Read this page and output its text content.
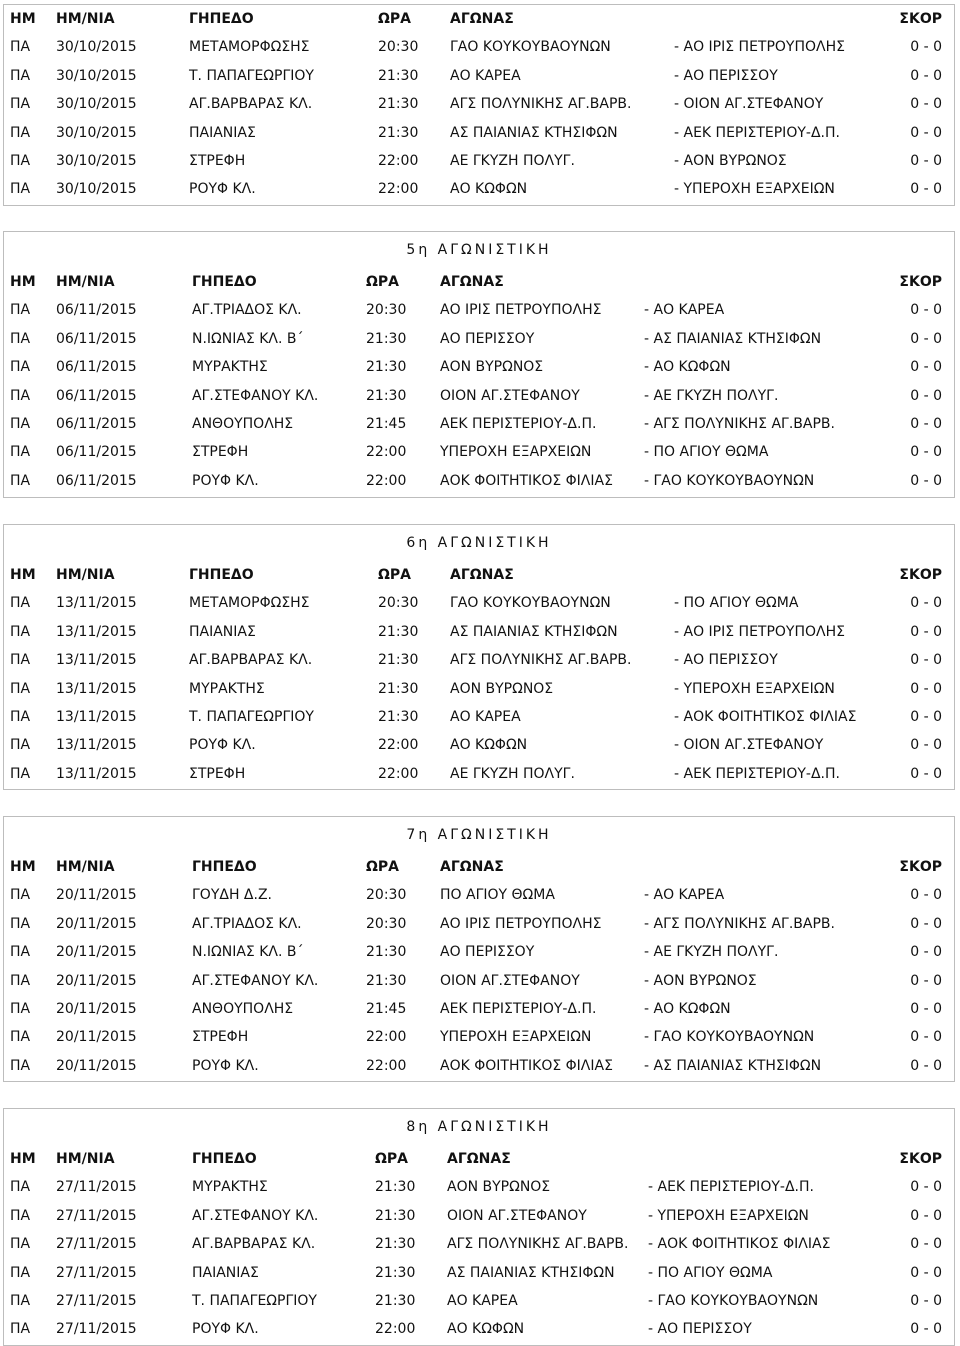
ΗΜ ΗΜ/ΝΙΑ	ΓΗΠΕΔΟ	ΩΡΑ	ΑΓΩΝΑΣ	ΣΚΟΡ
ΠΑ 30/10/2015	ΜΕΤΑΜΟΡΦΩΣΗΣ	20:30 ΓΑΟ ΚΟΥΚΟΥΒΑΟΥΝΩΝ	- ΑΟ ΙΡΙΣ ΠΕΤΡΟΥΠΟΛΗΣ	0 - 0
ΠΑ 30/10/2015	Τ. ΠΑΠΑΓΕΩΡΓΙΟΥ	21:30 ΑΟ ΚΑΡΕΑ	- ΑΟ ΠΕΡΙΣΣΟΥ	0 - 0
ΠΑ 30/10/2015	ΑΓ.ΒΑΡΒΑΡΑΣ ΚΛ.	21:30 ΑΓΣ ΠΟΛΥΝΙΚΗΣ ΑΓ.ΒΑΡΒ.	- ΟΙΟΝ ΑΓ.ΣΤΕΦΑΝΟΥ	0 - 0
ΠΑ 30/10/2015	ΠΑΙΑΝΙΑΣ	21:30 ΑΣ ΠΑΙΑΝΙΑΣ ΚΤΗΣΙΦΩΝ	- ΑΕΚ ΠΕΡΙΣΤΕΡΙΟΥ-Δ.Π.	0 - 0
ΠΑ 30/10/2015	ΣΤΡΕΦΗ	22:00 ΑΕ ΓΚΥΖΗ ΠΟΛΥΓ.	- ΑΟΝ ΒΥΡΩΝΟΣ	0 - 0
ΠΑ 30/10/2015	ΡΟΥΦ ΚΛ.	22:00 ΑΟ ΚΩΦΩΝ	- ΥΠΕΡΟΧΗ ΕΞΑΡΧΕΙΩΝ	0 - 0
5η ΑΓΩΝΙΣΤΙΚΗ
ΗΜ ΗΜ/ΝΙΑ	ΓΗΠΕΔΟ	ΩΡΑ	ΑΓΩΝΑΣ	ΣΚΟΡ
ΠΑ 06/11/2015	ΑΓ.ΤΡΙΑΔΟΣ ΚΛ.	20:30 ΑΟ ΙΡΙΣ ΠΕΤΡΟΥΠΟΛΗΣ	- ΑΟ ΚΑΡΕΑ	0 - 0
ΠΑ 06/11/2015	Ν.ΙΩΝΙΑΣ ΚΛ. Β΄	21:30 ΑΟ ΠΕΡΙΣΣΟΥ	- ΑΣ ΠΑΙΑΝΙΑΣ ΚΤΗΣΙΦΩΝ	0 - 0
ΠΑ 06/11/2015	ΜΥΡΑΚΤΗΣ	21:30 ΑΟΝ ΒΥΡΩΝΟΣ	- ΑΟ ΚΩΦΩΝ	0 - 0
ΠΑ 06/11/2015	ΑΓ.ΣΤΕΦΑΝΟΥ ΚΛ.	21:30 ΟΙΟΝ ΑΓ.ΣΤΕΦΑΝΟΥ	- ΑΕ ΓΚΥΖΗ ΠΟΛΥΓ.	0 - 0
ΠΑ 06/11/2015	ΑΝΘΟΥΠΟΛΗΣ	21:45 ΑΕΚ ΠΕΡΙΣΤΕΡΙΟΥ-Δ.Π.	- ΑΓΣ ΠΟΛΥΝΙΚΗΣ ΑΓ.ΒΑΡΒ.	0 - 0
ΠΑ 06/11/2015	ΣΤΡΕΦΗ	22:00 ΥΠΕΡΟΧΗ ΕΞΑΡΧΕΙΩΝ	- ΠΟ ΑΓΙΟΥ ΘΩΜΑ	0 - 0
ΠΑ 06/11/2015	ΡΟΥΦ ΚΛ.	22:00 ΑΟΚ ΦΟΙΤΗΤΙΚΟΣ ΦΙΛΙΑΣ - ΓΑΟ ΚΟΥΚΟΥΒΑΟΥΝΩΝ	0 - 0
6η ΑΓΩΝΙΣΤΙΚΗ
ΗΜ ΗΜ/ΝΙΑ	ΓΗΠΕΔΟ	ΩΡΑ	ΑΓΩΝΑΣ	ΣΚΟΡ
ΠΑ 13/11/2015	ΜΕΤΑΜΟΡΦΩΣΗΣ	20:30 ΓΑΟ ΚΟΥΚΟΥΒΑΟΥΝΩΝ	- ΠΟ ΑΓΙΟΥ ΘΩΜΑ	0 - 0
ΠΑ 13/11/2015	ΠΑΙΑΝΙΑΣ	21:30 ΑΣ ΠΑΙΑΝΙΑΣ ΚΤΗΣΙΦΩΝ	- ΑΟ ΙΡΙΣ ΠΕΤΡΟΥΠΟΛΗΣ	0 - 0
ΠΑ 13/11/2015	ΑΓ.ΒΑΡΒΑΡΑΣ ΚΛ.	21:30 ΑΓΣ ΠΟΛΥΝΙΚΗΣ ΑΓ.ΒΑΡΒ.	- ΑΟ ΠΕΡΙΣΣΟΥ	0 - 0
ΠΑ 13/11/2015	ΜΥΡΑΚΤΗΣ	21:30 ΑΟΝ ΒΥΡΩΝΟΣ	- ΥΠΕΡΟΧΗ ΕΞΑΡΧΕΙΩΝ	0 - 0
ΠΑ 13/11/2015	Τ. ΠΑΠΑΓΕΩΡΓΙΟΥ	21:30 ΑΟ ΚΑΡΕΑ	- ΑΟΚ ΦΟΙΤΗΤΙΚΟΣ ΦΙΛΙΑΣ	0 - 0
ΠΑ 13/11/2015	ΡΟΥΦ ΚΛ.	22:00 ΑΟ ΚΩΦΩΝ	- ΟΙΟΝ ΑΓ.ΣΤΕΦΑΝΟΥ	0 - 0
ΠΑ 13/11/2015	ΣΤΡΕΦΗ	22:00 ΑΕ ΓΚΥΖΗ ΠΟΛΥΓ.	- ΑΕΚ ΠΕΡΙΣΤΕΡΙΟΥ-Δ.Π.	0 - 0
7η ΑΓΩΝΙΣΤΙΚΗ
ΗΜ ΗΜ/ΝΙΑ	ΓΗΠΕΔΟ	ΩΡΑ	ΑΓΩΝΑΣ	ΣΚΟΡ
ΠΑ 20/11/2015	ΓΟΥΔΗ Δ.Ζ.	20:30 ΠΟ ΑΓΙΟΥ ΘΩΜΑ	- ΑΟ ΚΑΡΕΑ	0 - 0
ΠΑ 20/11/2015	ΑΓ.ΤΡΙΑΔΟΣ ΚΛ.	20:30 ΑΟ ΙΡΙΣ ΠΕΤΡΟΥΠΟΛΗΣ	- ΑΓΣ ΠΟΛΥΝΙΚΗΣ ΑΓ.ΒΑΡΒ.	0 - 0
ΠΑ 20/11/2015	Ν.ΙΩΝΙΑΣ ΚΛ. Β΄	21:30 ΑΟ ΠΕΡΙΣΣΟΥ	- ΑΕ ΓΚΥΖΗ ΠΟΛΥΓ.	0 - 0
ΠΑ 20/11/2015	ΑΓ.ΣΤΕΦΑΝΟΥ ΚΛ.	21:30 ΟΙΟΝ ΑΓ.ΣΤΕΦΑΝΟΥ	- ΑΟΝ ΒΥΡΩΝΟΣ	0 - 0
ΠΑ 20/11/2015	ΑΝΘΟΥΠΟΛΗΣ	21:45 ΑΕΚ ΠΕΡΙΣΤΕΡΙΟΥ-Δ.Π.	- ΑΟ ΚΩΦΩΝ	0 - 0
ΠΑ 20/11/2015	ΣΤΡΕΦΗ	22:00 ΥΠΕΡΟΧΗ ΕΞΑΡΧΕΙΩΝ	- ΓΑΟ ΚΟΥΚΟΥΒΑΟΥΝΩΝ	0 - 0
ΠΑ 20/11/2015	ΡΟΥΦ ΚΛ.	22:00 ΑΟΚ ΦΟΙΤΗΤΙΚΟΣ ΦΙΛΙΑΣ - ΑΣ ΠΑΙΑΝΙΑΣ ΚΤΗΣΙΦΩΝ	0 - 0
8η ΑΓΩΝΙΣΤΙΚΗ
ΗΜ ΗΜ/ΝΙΑ	ΓΗΠΕΔΟ	ΩΡΑ	ΑΓΩΝΑΣ	ΣΚΟΡ
ΠΑ 27/11/2015	ΜΥΡΑΚΤΗΣ	21:30 ΑΟΝ ΒΥΡΩΝΟΣ	- ΑΕΚ ΠΕΡΙΣΤΕΡΙΟΥ-Δ.Π.	0 - 0
ΠΑ 27/11/2015	ΑΓ.ΣΤΕΦΑΝΟΥ ΚΛ.	21:30 ΟΙΟΝ ΑΓ.ΣΤΕΦΑΝΟΥ	- ΥΠΕΡΟΧΗ ΕΞΑΡΧΕΙΩΝ	0 - 0
ΠΑ 27/11/2015	ΑΓ.ΒΑΡΒΑΡΑΣ ΚΛ.	21:30 ΑΓΣ ΠΟΛΥΝΙΚΗΣ ΑΓ.ΒΑΡΒ. - ΑΟΚ ΦΟΙΤΗΤΙΚΟΣ ΦΙΛΙΑΣ	0 - 0
ΠΑ 27/11/2015	ΠΑΙΑΝΙΑΣ	21:30 ΑΣ ΠΑΙΑΝΙΑΣ ΚΤΗΣΙΦΩΝ - ΠΟ ΑΓΙΟΥ ΘΩΜΑ	0 - 0
ΠΑ 27/11/2015	Τ. ΠΑΠΑΓΕΩΡΓΙΟΥ	21:30 ΑΟ ΚΑΡΕΑ	- ΓΑΟ ΚΟΥΚΟΥΒΑΟΥΝΩΝ	0 - 0
ΠΑ 27/11/2015	ΡΟΥΦ ΚΛ.	22:00 ΑΟ ΚΩΦΩΝ	- ΑΟ ΠΕΡΙΣΣΟΥ	0 - 0
